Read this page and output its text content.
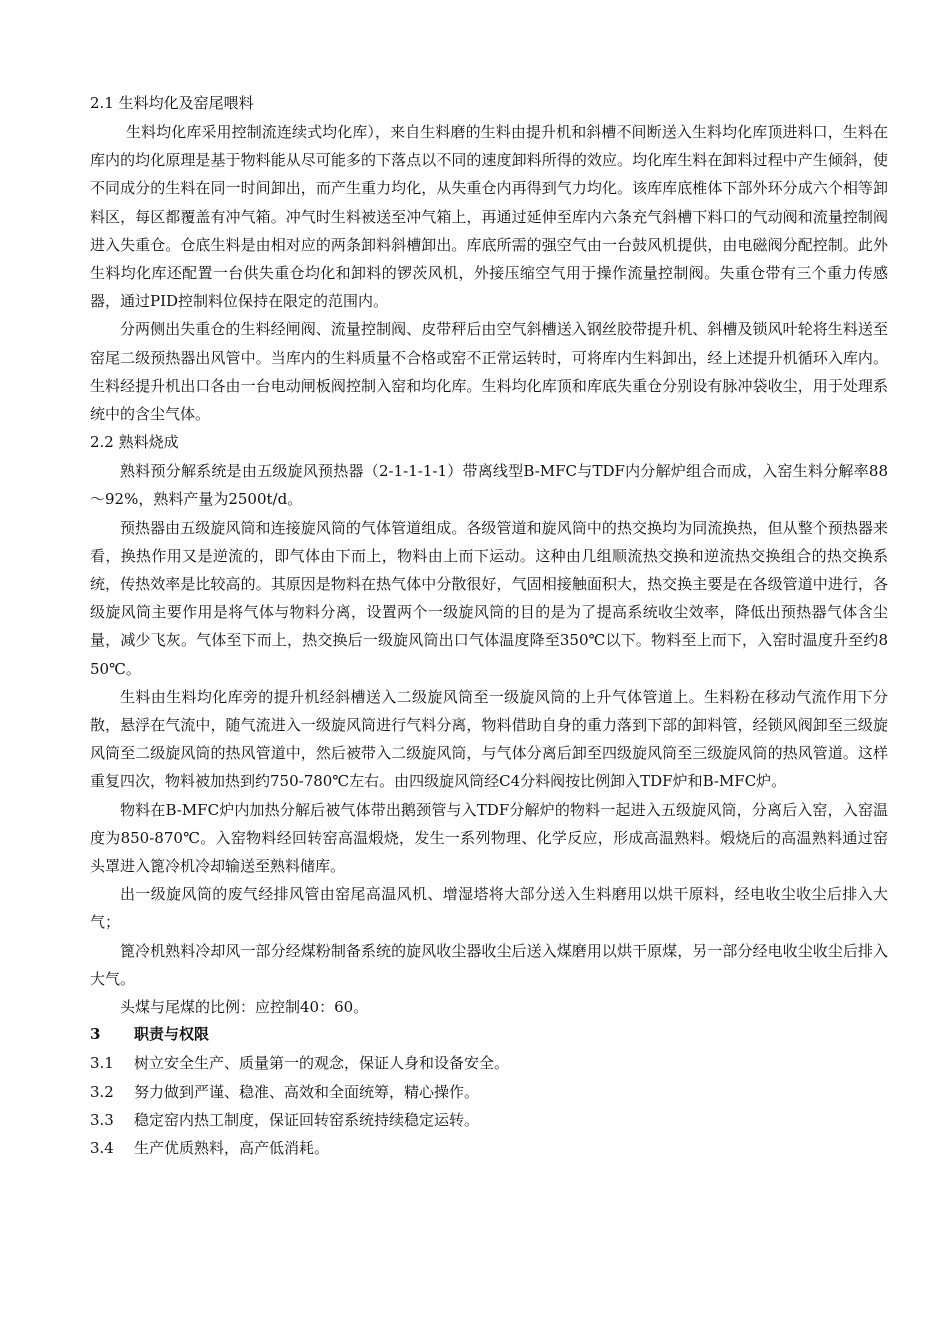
2.1 生料均化及窑尾喂料

生料均化库采用控制流连续式均化库），来自生料磨的生料由提升机和斜槽不间断送入生料均化库顶进料口，生料在库内的均化原理是基于物料能从尽可能多的下落点以不同的速度卸料所得的效应。均化库生料在卸料过程中产生倾斜，使不同成分的生料在同一时间卸出，而产生重力均化，从失重仓内再得到气力均化。该库库底椎体下部外环分成六个相等卸料区，每区都覆盖有冲气箱。冲气时生料被送至冲气箱上，再通过延伸至库内六条充气斜槽下料口的气动阀和流量控制阀进入失重仓。仓底生料是由相对应的两条卸料斜槽卸出。库底所需的强空气由一台鼓风机提供，由电磁阀分配控制。此外生料均化库还配置一台供失重仓均化和卸料的锣茨风机，外接压缩空气用于操作流量控制阀。失重仓带有三个重力传感器，通过PID控制料位保持在限定的范围内。

分两侧出失重仓的生料经闸阀、流量控制阀、皮带秤后由空气斜槽送入钢丝胶带提升机、斜槽及锁风叶轮将生料送至窑尾二级预热器出风管中。当库内的生料质量不合格或窑不正常运转时，可将库内生料卸出，经上述提升机循环入库内。生料经提升机出口各由一台电动闸板阀控制入窑和均化库。生料均化库顶和库底失重仓分别设有脉冲袋收尘，用于处理系统中的含尘气体。

2.2 熟料烧成

熟料预分解系统是由五级旋风预热器（2-1-1-1-1）带离线型B-MFC与TDF内分解炉组合而成，入窑生料分解率88～92%，熟料产量为2500t/d。

预热器由五级旋风筒和连接旋风筒的气体管道组成。各级管道和旋风筒中的热交换均为同流换热，但从整个预热器来看，换热作用又是逆流的，即气体由下而上，物料由上而下运动。这种由几组顺流热交换和逆流热交换组合的热交换系统，传热效率是比较高的。其原因是物料在热气体中分散很好，气固相接触面积大，热交换主要是在各级管道中进行，各级旋风筒主要作用是将气体与物料分离，设置两个一级旋风筒的目的是为了提高系统收尘效率，降低出预热器气体含尘量，减少飞灰。气体至下而上，热交换后一级旋风筒出口气体温度降至350℃以下。物料至上而下，入窑时温度升至约850℃。

生料由生料均化库旁的提升机经斜槽送入二级旋风筒至一级旋风筒的上升气体管道上。生料粉在移动气流作用下分散，悬浮在气流中，随气流进入一级旋风筒进行气料分离，物料借助自身的重力落到下部的卸料管，经锁风阀卸至三级旋风筒至二级旋风筒的热风管道中，然后被带入二级旋风筒，与气体分离后卸至四级旋风筒至三级旋风筒的热风管道。这样重复四次，物料被加热到约750-780℃左右。由四级旋风筒经C4分料阀按比例卸入TDF炉和B-MFC炉。

物料在B-MFC炉内加热分解后被气体带出鹅颈管与入TDF分解炉的物料一起进入五级旋风筒，分离后入窑，入窑温度为850-870℃。入窑物料经回转窑高温煅烧，发生一系列物理、化学反应，形成高温熟料。煅烧后的高温熟料通过窑头罩进入篦冷机冷却输送至熟料储库。

出一级旋风筒的废气经排风管由窑尾高温风机、增湿塔将大部分送入生料磨用以烘干原料，经电收尘收尘后排入大气；

篦冷机熟料冷却风一部分经煤粉制备系统的旋风收尘器收尘后送入煤磨用以烘干原煤，另一部分经电收尘收尘后排入大气。

头煤与尾煤的比例：应控制40：60。

3 职责与权限
3.1 树立安全生产、质量第一的观念，保证人身和设备安全。
3.2 努力做到严谨、稳准、高效和全面统筹，精心操作。
3.3 稳定窑内热工制度，保证回转窑系统持续稳定运转。
3.4 生产优质熟料，高产低消耗。
